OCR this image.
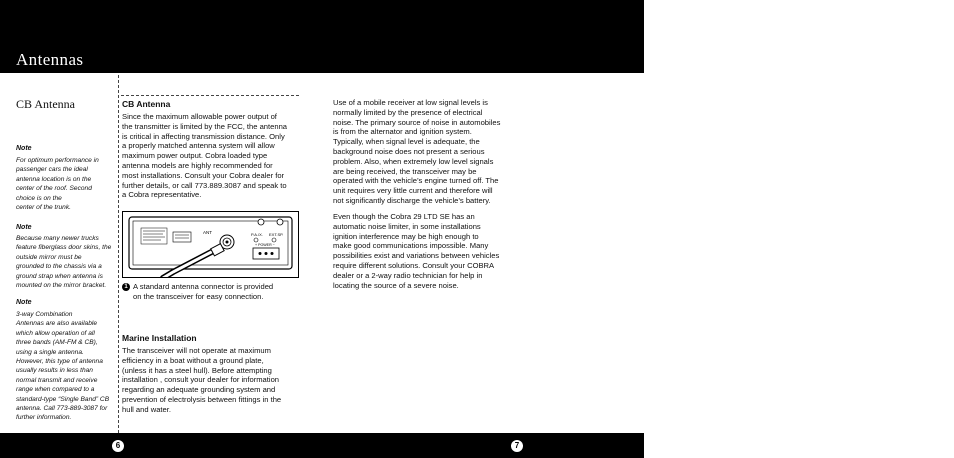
Antennas	Ignition Noise Interference
CB Antenna
Note
For optimum performance in
passenger cars the ideal
antenna location is on the
center of the roof. Second
choice is on the
center of the trunk.
Note
Because many newer trucks
feature fiberglass door skins, the
outside mirror must be
grounded to the chassis via a
ground strap when antenna is
mounted on the mirror bracket.
Note
3-way Combination
Antennas are also available
which allow operation of all
three bands (AM-FM & CB),
using a single antenna.
However, this type of antenna
usually results in less than
normal transmit and receive
range when compared to a
standard-type “Single Band” CB
antenna. Call 773-889-3087 for
further information.
CB Antenna
Since the maximum allowable power output of
the transmitter is limited by the FCC, the antenna
is critical in affecting transmission distance. Only
a properly matched antenna system will allow
maximum power output. Cobra loaded type
antenna models are highly recommended for
most installations. Consult your Cobra dealer for
further details, or call 773.889.3087 and speak to
a Cobra representative.
ANT	P.A./X. EXT.SP.
+ POWER −
1 A standard antenna connector is provided
on the transceiver for easy connection.
Marine Installation
The transceiver will not operate at maximum
efficiency in a boat without a ground plate,
(unless it has a steel hull). Before attempting
installation , consult your dealer for information
regarding an adequate grounding system and
prevention of electrolysis between fittings in the
hull and water.
Use of a mobile receiver at low signal levels is
normally limited by the presence of electrical
noise. The primary source of noise in automobiles
is from the alternator and ignition system.
Typically, when signal level is adequate, the
background noise does not present a serious
problem. Also, when extremely low level signals
are being received, the transceiver may be
operated with the vehicle’s engine turned off. The
unit requires very little current and therefore will
not significantly discharge the vehicle’s battery.
Even though the Cobra 29 LTD SE has an
automatic noise limiter, in some installations
ignition interference may be high enough to
make good communications impossible. Many
possibilities exist and variations between vehicles
require different solutions. Consult your COBRA
dealer or a 2-way radio technician for help in
locating the source of a severe noise.
6	7
